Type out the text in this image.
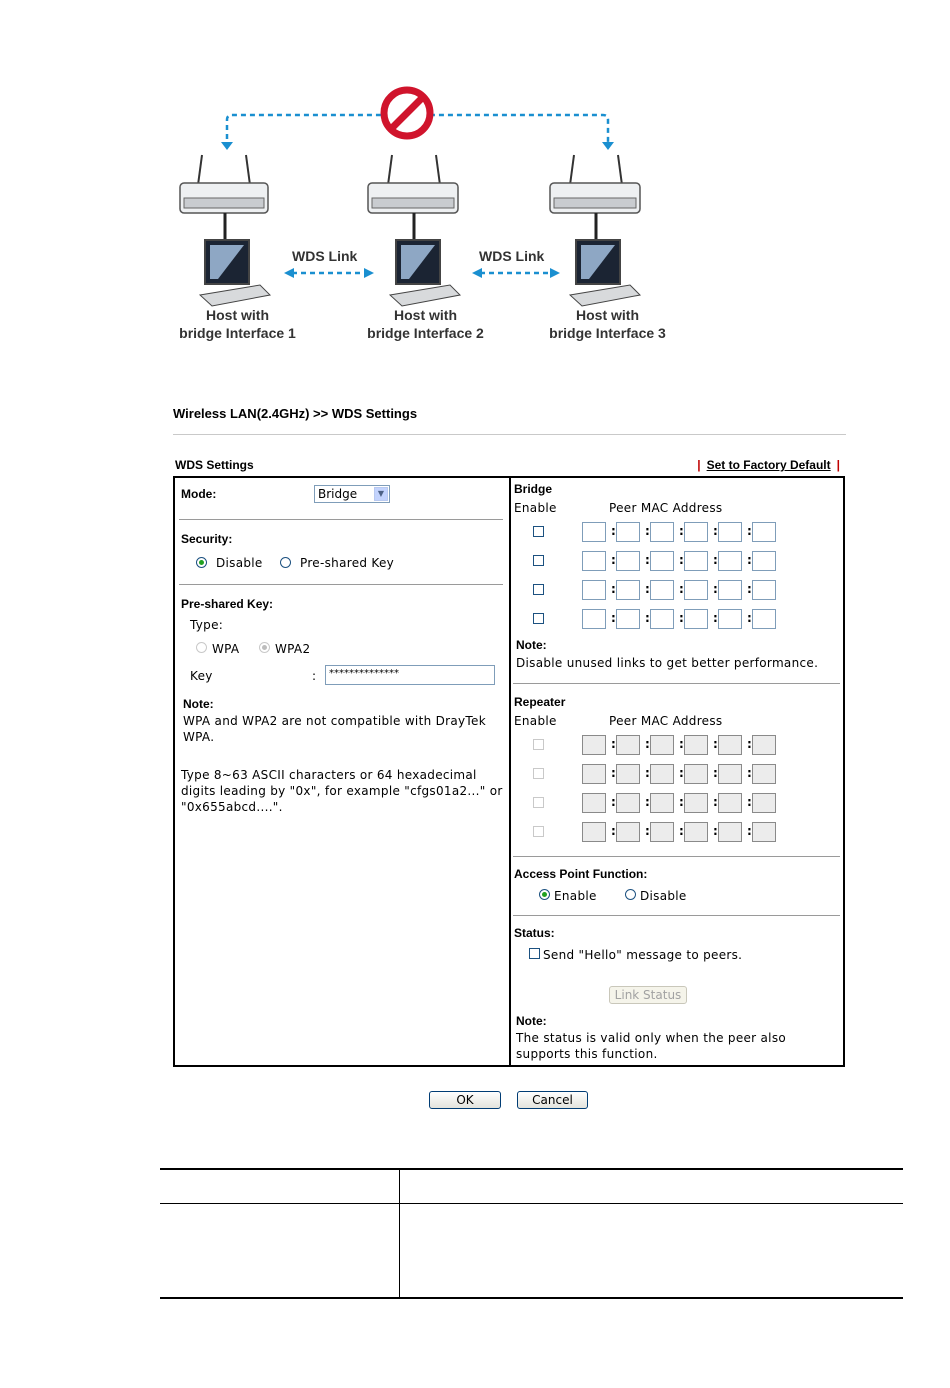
WDS Link	WDS Link
Host with
bridge Interface 1
Host with
bridge Interface 2
Host with
bridge Interface 3
Wireless LAN(2.4GHz) >> WDS Settings
WDS Settings	| Set to Factory Default |
Mode:	Bridge	▼
Security:
Disable	Pre-shared Key
Pre-shared Key:
Type:
WPA	WPA2
Key	:	**************
Note:
WPA and WPA2 are not compatible with DrayTek
WPA.
Type 8~63 ASCII characters or 64 hexadecimal
digits leading by "0x", for example "cfgs01a2..." or
"0x655abcd....".
Bridge
Enable	Peer MAC Address
: : : : :
: : : : :
: : : : :
: : : : :
Note:
Disable unused links to get better performance.
Repeater
Enable	Peer MAC Address
: : : : :
: : : : :
: : : : :
: : : : :
Access Point Function:
Enable	Disable
Status:
Send "Hello" message to peers.
Link Status
Note:
The status is valid only when the peer also
supports this function.
OK	Cancel
